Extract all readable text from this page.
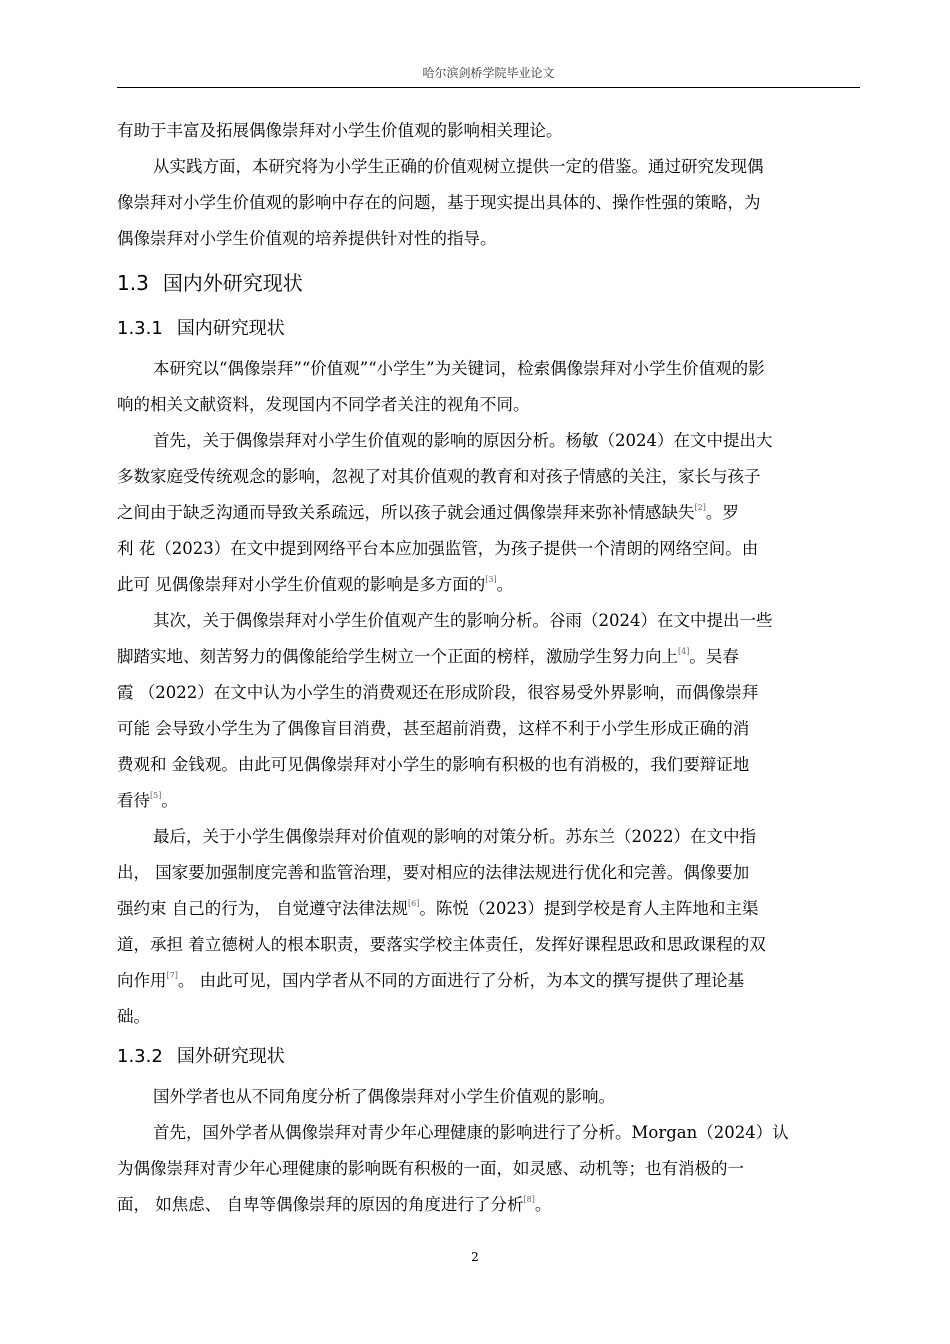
哈尔滨剑桥学院毕业论文
有助于丰富及拓展偶像崇拜对小学生价值观的影响相关理论。
从实践方面，本研究将为小学生正确的价值观树立提供一定的借鉴。通过研究发现偶
像崇拜对小学生价值观的影响中存在的问题，基于现实提出具体的、操作性强的策略，为
偶像崇拜对小学生价值观的培养提供针对性的指导。
1.3 国内外研究现状
1.3.1 国内研究现状
本研究以“偶像崇拜”“价值观”“小学生”为关键词，检索偶像崇拜对小学生价值观的影
响的相关文献资料，发现国内不同学者关注的视角不同。
首先，关于偶像崇拜对小学生价值观的影响的原因分析。杨敏（2024）在文中提出大
多数家庭受传统观念的影响，忽视了对其价值观的教育和对孩子情感的关注，家长与孩子
之间由于缺乏沟通而导致关系疏远，所以孩子就会通过偶像崇拜来弥补情感缺失[2]。罗
利 花（2023）在文中提到网络平台本应加强监管，为孩子提供一个清朗的网络空间。由
此可 见偶像崇拜对小学生价值观的影响是多方面的[3]。
其次，关于偶像崇拜对小学生价值观产生的影响分析。谷雨（2024）在文中提出一些
脚踏实地、刻苦努力的偶像能给学生树立一个正面的榜样，激励学生努力向上[4]。吴春
霞 （2022）在文中认为小学生的消费观还在形成阶段，很容易受外界影响，而偶像崇拜
可能 会导致小学生为了偶像盲目消费，甚至超前消费，这样不利于小学生形成正确的消
费观和 金钱观。由此可见偶像崇拜对小学生的影响有积极的也有消极的，我们要辩证地
看待[5]。
最后，关于小学生偶像崇拜对价值观的影响的对策分析。苏东兰（2022）在文中指
出， 国家要加强制度完善和监管治理，要对相应的法律法规进行优化和完善。偶像要加
强约束 自己的行为， 自觉遵守法律法规[6]。陈悦（2023）提到学校是育人主阵地和主渠
道，承担 着立德树人的根本职责，要落实学校主体责任，发挥好课程思政和思政课程的双
向作用[7]。 由此可见，国内学者从不同的方面进行了分析，为本文的撰写提供了理论基
础。
1.3.2 国外研究现状
国外学者也从不同角度分析了偶像崇拜对小学生价值观的影响。
首先，国外学者从偶像崇拜对青少年心理健康的影响进行了分析。Morgan（2024）认
为偶像崇拜对青少年心理健康的影响既有积极的一面，如灵感、动机等；也有消极的一
面， 如焦虑、 自卑等偶像崇拜的原因的角度进行了分析[8]。
2
